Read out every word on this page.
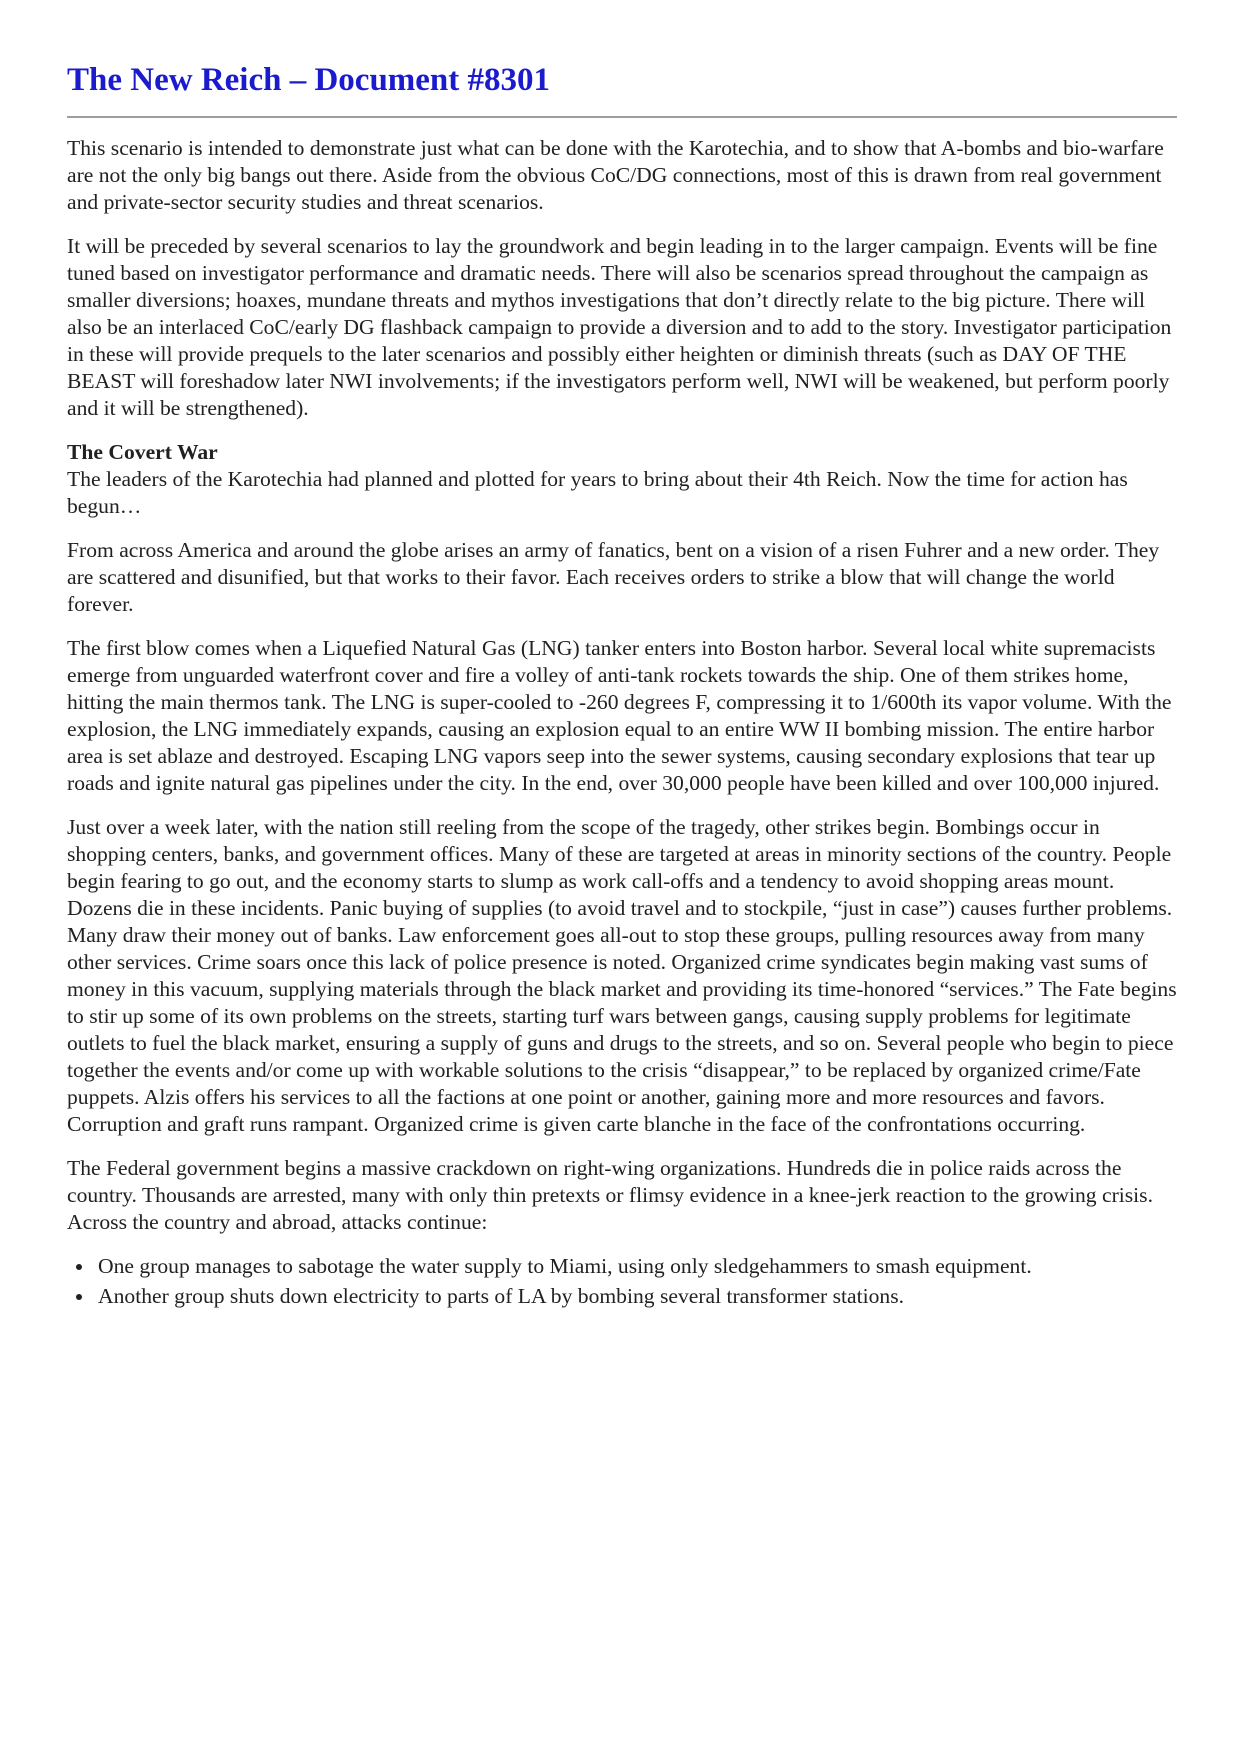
The New Reich – Document #8301

This scenario is intended to demonstrate just what can be done with the Karotechia, and to show that A-bombs and bio-warfare are not the only big bangs out there. Aside from the obvious CoC/DG connections, most of this is drawn from real government and private-sector security studies and threat scenarios.

It will be preceded by several scenarios to lay the groundwork and begin leading in to the larger campaign. Events will be fine tuned based on investigator performance and dramatic needs. There will also be scenarios spread throughout the campaign as smaller diversions; hoaxes, mundane threats and mythos investigations that don’t directly relate to the big picture. There will also be an interlaced CoC/early DG flashback campaign to provide a diversion and to add to the story. Investigator participation in these will provide prequels to the later scenarios and possibly either heighten or diminish threats (such as DAY OF THE BEAST will foreshadow later NWI involvements; if the investigators perform well, NWI will be weakened, but perform poorly and it will be strengthened).

The Covert War
The leaders of the Karotechia had planned and plotted for years to bring about their 4th Reich. Now the time for action has begun…

From across America and around the globe arises an army of fanatics, bent on a vision of a risen Fuhrer and a new order. They are scattered and disunified, but that works to their favor. Each receives orders to strike a blow that will change the world forever.

The first blow comes when a Liquefied Natural Gas (LNG) tanker enters into Boston harbor. Several local white supremacists emerge from unguarded waterfront cover and fire a volley of anti-tank rockets towards the ship. One of them strikes home, hitting the main thermos tank. The LNG is super-cooled to -260 degrees F, compressing it to 1/600th its vapor volume. With the explosion, the LNG immediately expands, causing an explosion equal to an entire WW II bombing mission. The entire harbor area is set ablaze and destroyed. Escaping LNG vapors seep into the sewer systems, causing secondary explosions that tear up roads and ignite natural gas pipelines under the city. In the end, over 30,000 people have been killed and over 100,000 injured.

Just over a week later, with the nation still reeling from the scope of the tragedy, other strikes begin. Bombings occur in shopping centers, banks, and government offices. Many of these are targeted at areas in minority sections of the country. People begin fearing to go out, and the economy starts to slump as work call-offs and a tendency to avoid shopping areas mount. Dozens die in these incidents. Panic buying of supplies (to avoid travel and to stockpile, “just in case”) causes further problems. Many draw their money out of banks. Law enforcement goes all-out to stop these groups, pulling resources away from many other services. Crime soars once this lack of police presence is noted. Organized crime syndicates begin making vast sums of money in this vacuum, supplying materials through the black market and providing its time-honored “services.” The Fate begins to stir up some of its own problems on the streets, starting turf wars between gangs, causing supply problems for legitimate outlets to fuel the black market, ensuring a supply of guns and drugs to the streets, and so on. Several people who begin to piece together the events and/or come up with workable solutions to the crisis “disappear,” to be replaced by organized crime/Fate puppets. Alzis offers his services to all the factions at one point or another, gaining more and more resources and favors. Corruption and graft runs rampant. Organized crime is given carte blanche in the face of the confrontations occurring.

The Federal government begins a massive crackdown on right-wing organizations. Hundreds die in police raids across the country. Thousands are arrested, many with only thin pretexts or flimsy evidence in a knee-jerk reaction to the growing crisis.
Across the country and abroad, attacks continue:

• One group manages to sabotage the water supply to Miami, using only sledgehammers to smash equipment.
• Another group shuts down electricity to parts of LA by bombing several transformer stations.
